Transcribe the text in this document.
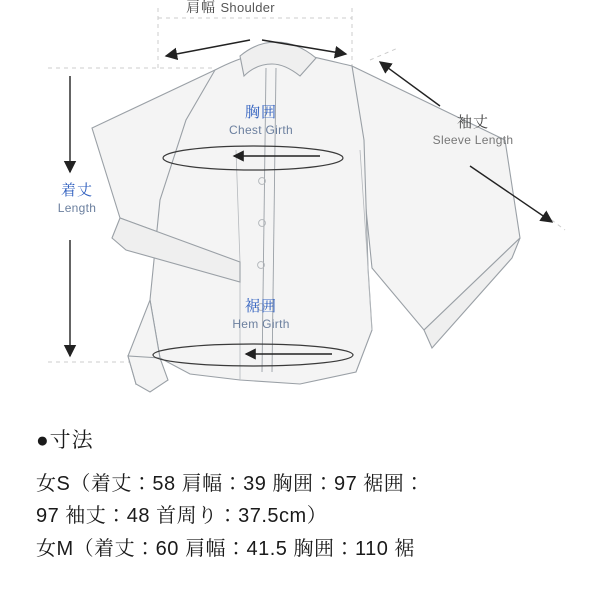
肩幅 Shoulder
胸囲
Chest Girth	袖丈
Sleeve Length
着丈
Length
裾囲
Hem Girth

●寸法

女S（着丈：58 肩幅：39 胸囲：97 裾囲：

97 袖丈：48 首周り：37.5cm）

女M（着丈：60 肩幅：41.5 胸囲：110 裾
